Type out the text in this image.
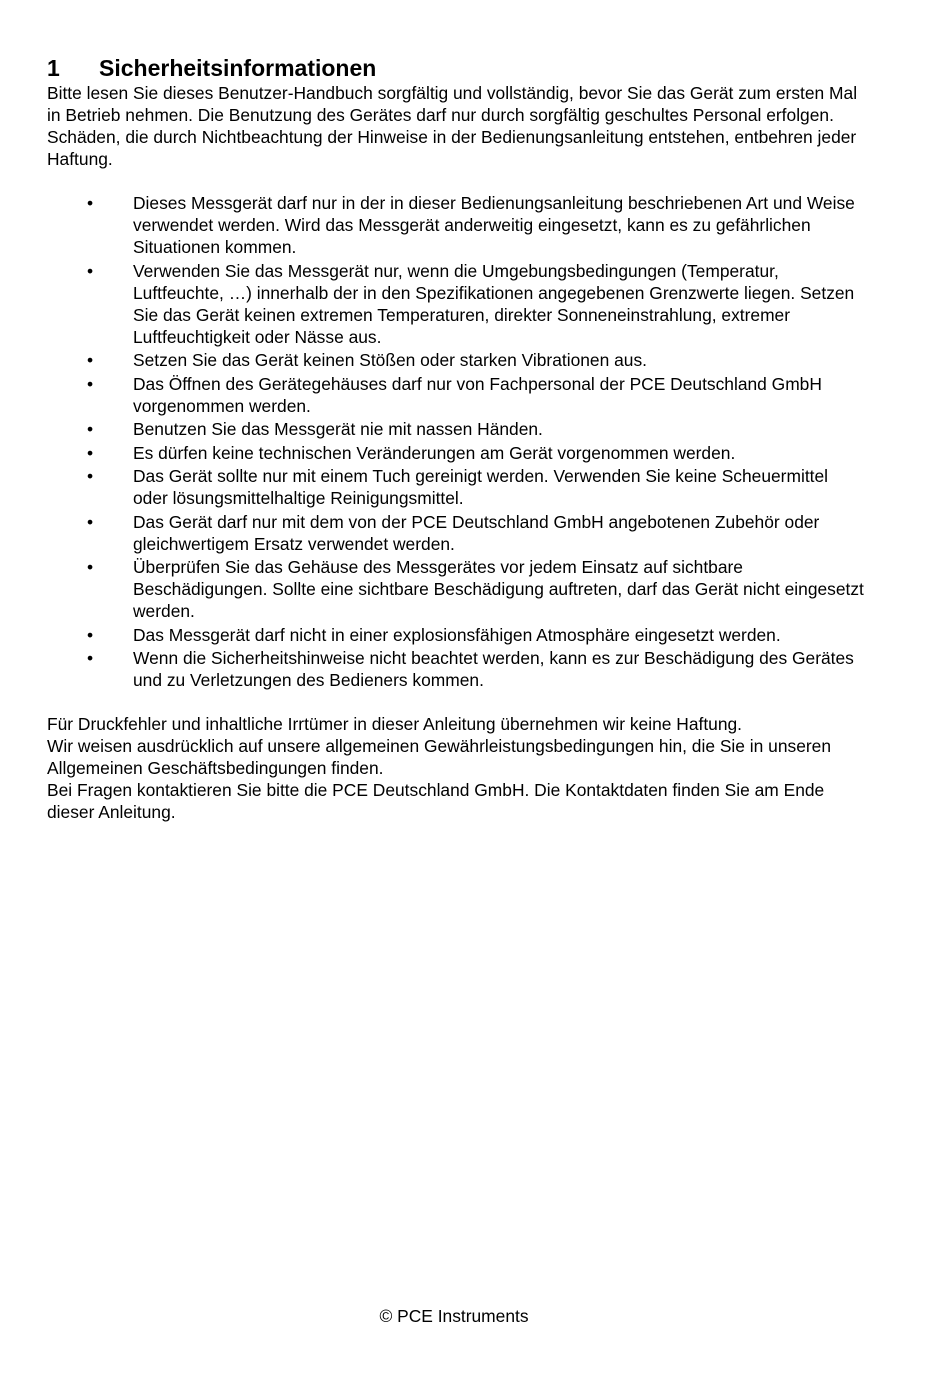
1	Sicherheitsinformationen

Bitte lesen Sie dieses Benutzer-Handbuch sorgfältig und vollständig, bevor Sie das Gerät zum ersten Mal in Betrieb nehmen. Die Benutzung des Gerätes darf nur durch sorgfältig geschultes Personal erfolgen. Schäden, die durch Nichtbeachtung der Hinweise in der Bedienungsanleitung entstehen, entbehren jeder Haftung.

•	Dieses Messgerät darf nur in der in dieser Bedienungsanleitung beschriebenen Art und Weise verwendet werden. Wird das Messgerät anderweitig eingesetzt, kann es zu gefährlichen Situationen kommen.
•	Verwenden Sie das Messgerät nur, wenn die Umgebungsbedingungen (Temperatur, Luftfeuchte, …) innerhalb der in den Spezifikationen angegebenen Grenzwerte liegen. Setzen Sie das Gerät keinen extremen Temperaturen, direkter Sonneneinstrahlung, extremer Luftfeuchtigkeit oder Nässe aus.
•	Setzen Sie das Gerät keinen Stößen oder starken Vibrationen aus.
•	Das Öffnen des Gerätegehäuses darf nur von Fachpersonal der PCE Deutschland GmbH vorgenommen werden.
•	Benutzen Sie das Messgerät nie mit nassen Händen.
•	Es dürfen keine technischen Veränderungen am Gerät vorgenommen werden.
•	Das Gerät sollte nur mit einem Tuch gereinigt werden. Verwenden Sie keine Scheuermittel oder lösungsmittelhaltige Reinigungsmittel.
•	Das Gerät darf nur mit dem von der PCE Deutschland GmbH angebotenen Zubehör oder gleichwertigem Ersatz verwendet werden.
•	Überprüfen Sie das Gehäuse des Messgerätes vor jedem Einsatz auf sichtbare Beschädigungen. Sollte eine sichtbare Beschädigung auftreten, darf das Gerät nicht eingesetzt werden.
•	Das Messgerät darf nicht in einer explosionsfähigen Atmosphäre eingesetzt werden.
•	Wenn die Sicherheitshinweise nicht beachtet werden, kann es zur Beschädigung des Gerätes und zu Verletzungen des Bedieners kommen.

Für Druckfehler und inhaltliche Irrtümer in dieser Anleitung übernehmen wir keine Haftung.

Wir weisen ausdrücklich auf unsere allgemeinen Gewährleistungsbedingungen hin, die Sie in unseren Allgemeinen Geschäftsbedingungen finden.

Bei Fragen kontaktieren Sie bitte die PCE Deutschland GmbH. Die Kontaktdaten finden Sie am Ende dieser Anleitung.

© PCE Instruments
